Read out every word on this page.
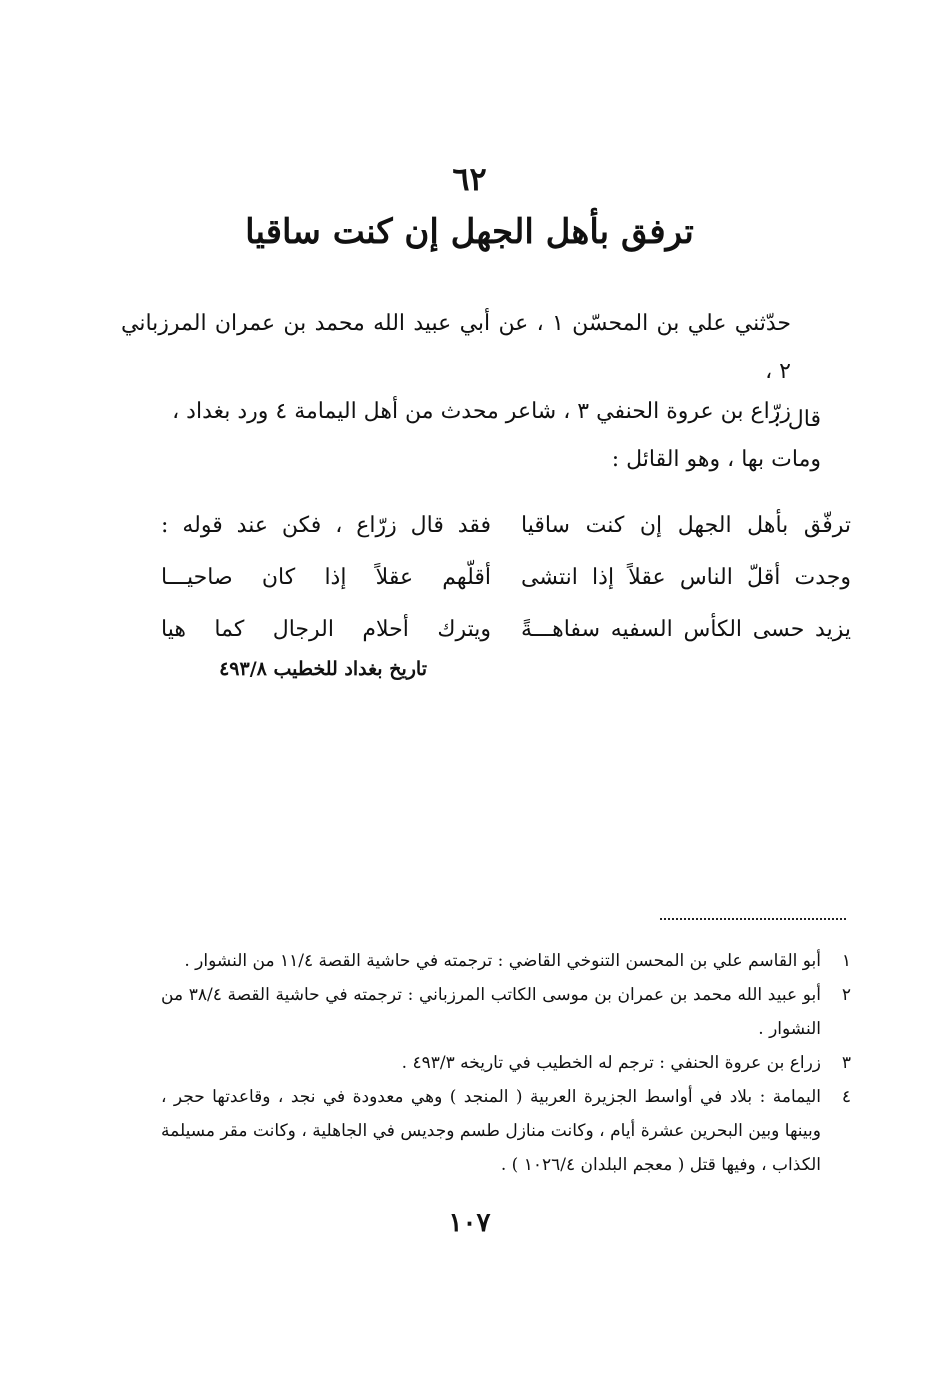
٦٢
ترفق بأهل الجهل إن كنت ساقيا
حدّثني علي بن المحسّن ١ ، عن أبي عبيد الله محمد بن عمران المرزباني ٢ ،
قال :
زرّاع بن عروة الحنفي ٣ ، شاعر محدث من أهل اليمامة ٤ ورد بغداد ،
ومات بها ، وهو القائل :
ترفّق بأهل الجهل إن كنت ساقيا
فقد قال زرّاع ، فكن عند قوله :
وجدت أقلّ الناس عقلاً إذا انتشى
أقلّهم عقلاً إذا كان صاحيـــا
يزيد حسى الكأس السفيه سفاهـــةً
ويترك أحلام الرجال كما هيا
تاريخ بغداد للخطيب ٤٩٣/٨
١
أبو القاسم علي بن المحسن التنوخي القاضي : ترجمته في حاشية القصة ١١/٤ من النشوار .
٢
أبو عبيد الله محمد بن عمران بن موسى الكاتب المرزباني : ترجمته في حاشية القصة ٣٨/٤ من النشوار .
٣
زراع بن عروة الحنفي : ترجم له الخطيب في تاريخه ٤٩٣/٣ .
٤
اليمامة : بلاد في أواسط الجزيرة العربية ( المنجد ) وهي معدودة في نجد ، وقاعدتها حجر ، وبينها وبين البحرين عشرة أيام ، وكانت منازل طسم وجديس في الجاهلية ، وكانت مقر مسيلمة الكذاب ، وفيها قتل ( معجم البلدان ١٠٢٦/٤ ) .
١٠٧
